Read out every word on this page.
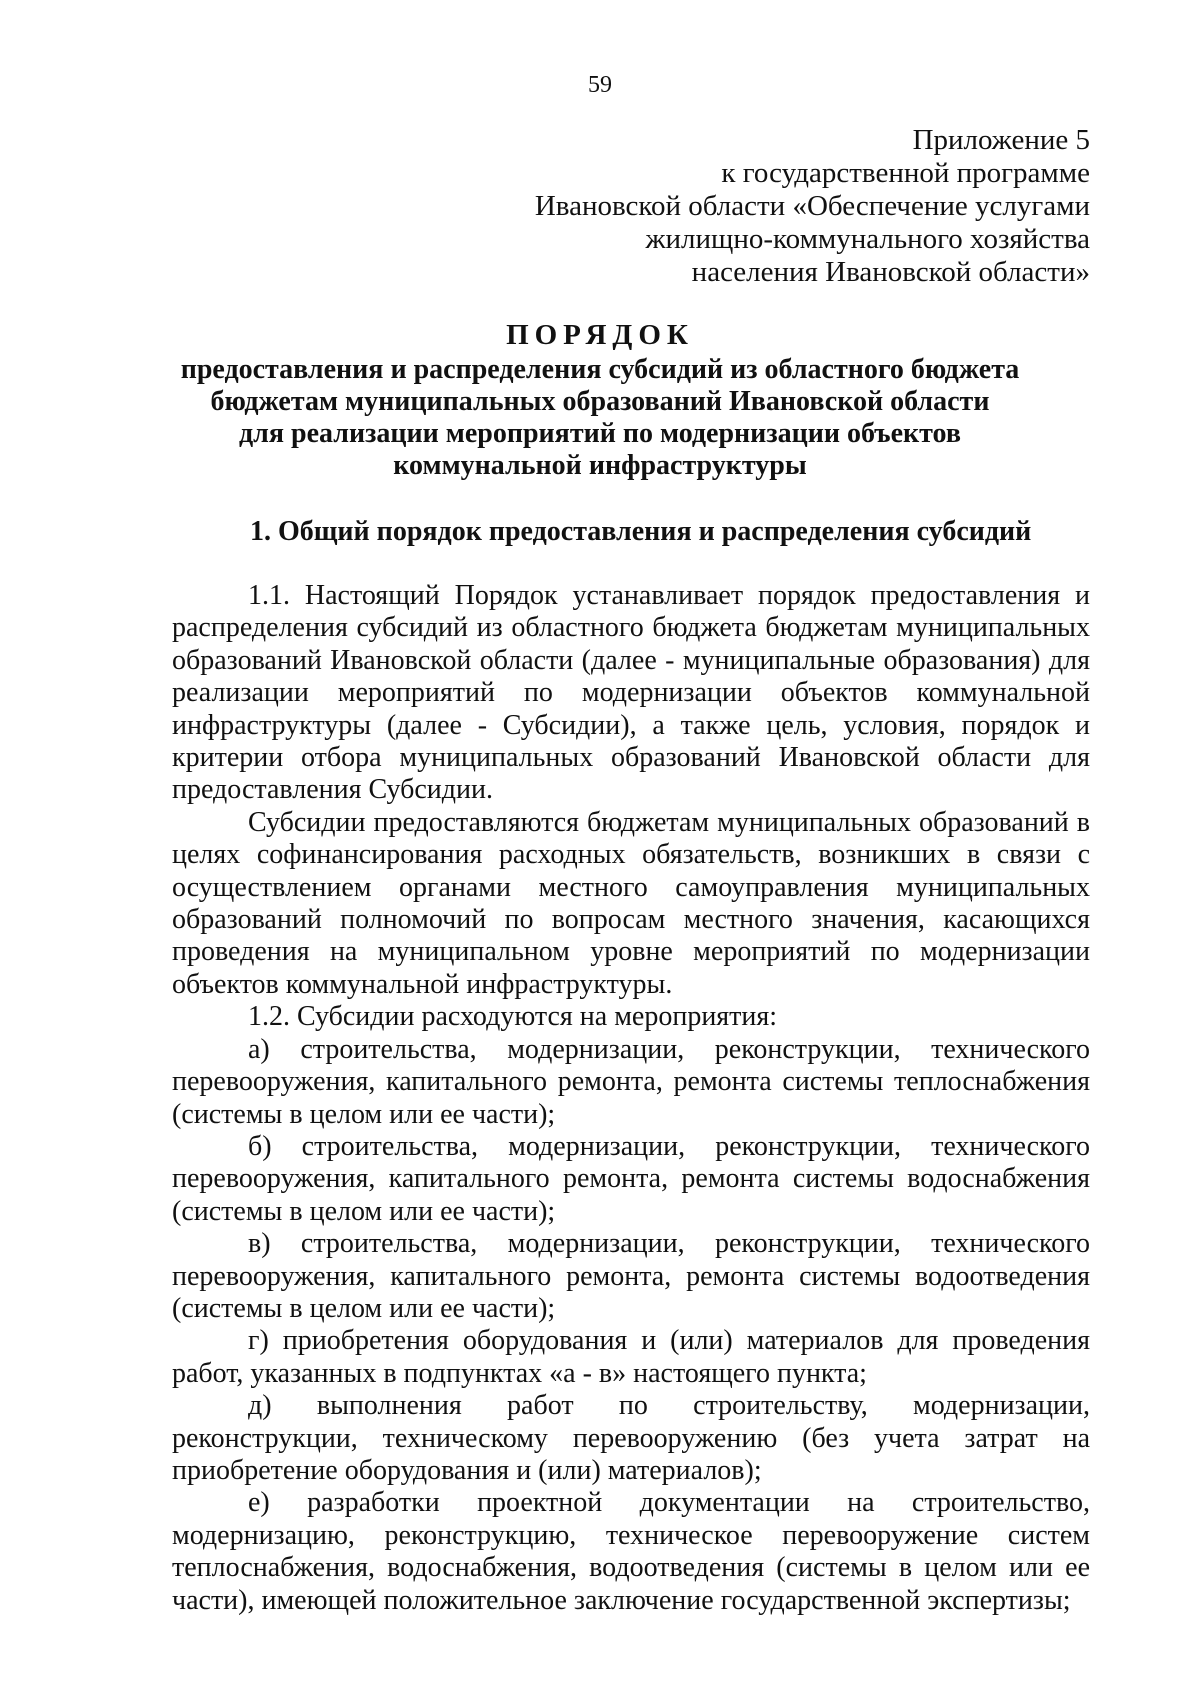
59
Приложение 5
к государственной программе
Ивановской области «Обеспечение услугами
жилищно-коммунального хозяйства
населения Ивановской области»
ПОРЯДОК
предоставления и распределения субсидий из областного бюджета
бюджетам муниципальных образований Ивановской области
для реализации мероприятий по модернизации объектов
коммунальной инфраструктуры
1. Общий порядок предоставления и распределения субсидий

1.1. Настоящий Порядок устанавливает порядок предоставления и распределения субсидий из областного бюджета бюджетам муниципальных образований Ивановской области (далее - муниципальные образования) для реализации мероприятий по модернизации объектов коммунальной инфраструктуры (далее - Субсидии), а также цель, условия, порядок и критерии отбора муниципальных образований Ивановской области для предоставления Субсидии.

Субсидии предоставляются бюджетам муниципальных образований в целях софинансирования расходных обязательств, возникших в связи с осуществлением органами местного самоуправления муниципальных образований полномочий по вопросам местного значения, касающихся проведения на муниципальном уровне мероприятий по модернизации объектов коммунальной инфраструктуры.

1.2. Субсидии расходуются на мероприятия:

а) строительства, модернизации, реконструкции, технического перевооружения, капитального ремонта, ремонта системы теплоснабжения (системы в целом или ее части);

б) строительства, модернизации, реконструкции, технического перевооружения, капитального ремонта, ремонта системы водоснабжения (системы в целом или ее части);

в) строительства, модернизации, реконструкции, технического перевооружения, капитального ремонта, ремонта системы водоотведения (системы в целом или ее части);

г) приобретения оборудования и (или) материалов для проведения работ, указанных в подпунктах «а - в» настоящего пункта;

д) выполнения работ по строительству, модернизации, реконструкции, техническому перевооружению (без учета затрат на приобретение оборудования и (или) материалов);

е) разработки проектной документации на строительство, модернизацию, реконструкцию, техническое перевооружение систем теплоснабжения, водоснабжения, водоотведения (системы в целом или ее части), имеющей положительное заключение государственной экспертизы;
